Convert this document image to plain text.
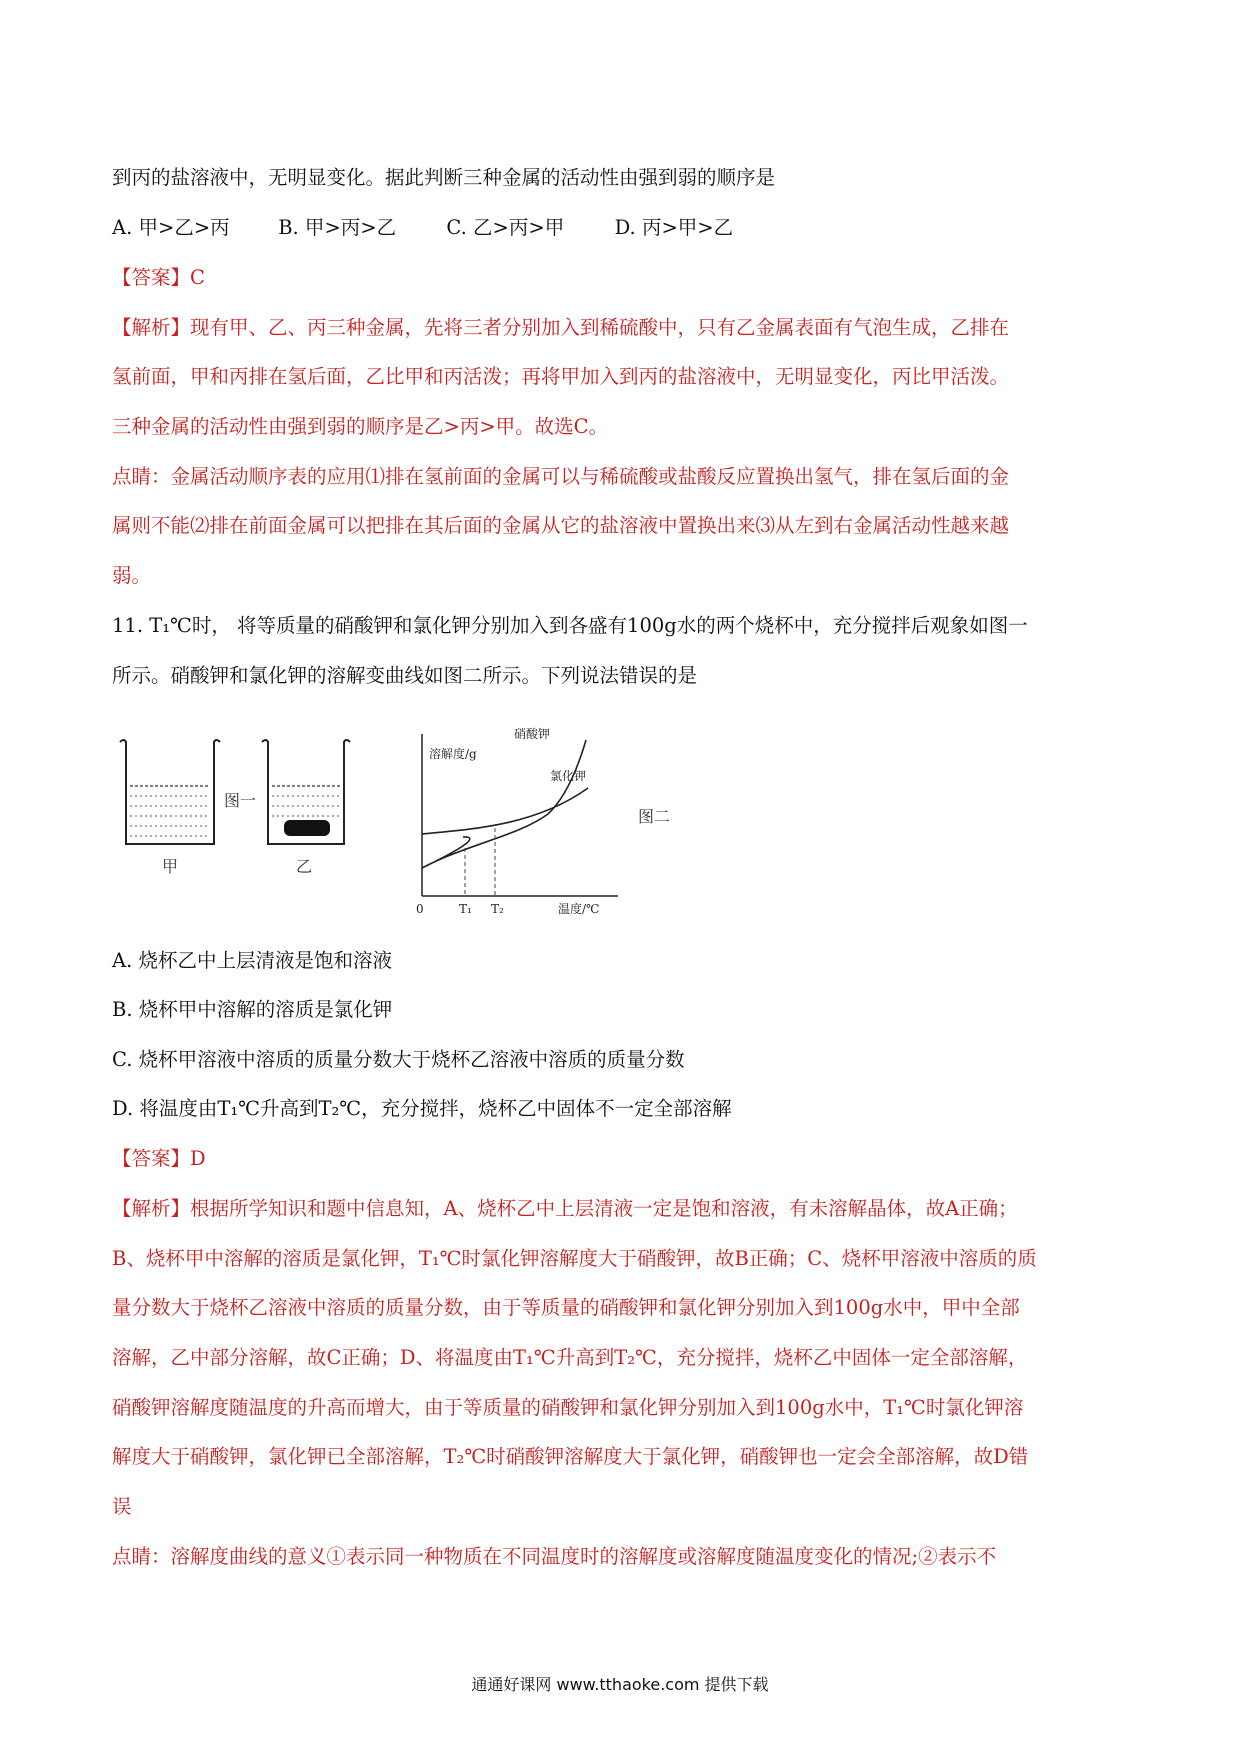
到丙的盐溶液中，无明显变化。据此判断三种金属的活动性由强到弱的顺序是
A. 甲>乙>丙 B. 甲>丙>乙	C. 乙>丙>甲	D. 丙>甲>乙
【答案】C
【解析】现有甲、乙、丙三种金属，先将三者分别加入到稀硫酸中，只有乙金属表面有气泡生成，乙排在
氢前面，甲和丙排在氢后面，乙比甲和丙活泼；再将甲加入到丙的盐溶液中，无明显变化，丙比甲活泼。
三种金属的活动性由强到弱的顺序是乙>丙>甲。故选C。
点睛：金属活动顺序表的应用⑴排在氢前面的金属可以与稀硫酸或盐酸反应置换出氢气，排在氢后面的金
属则不能⑵排在前面金属可以把排在其后面的金属从它的盐溶液中置换出来⑶从左到右金属活动性越来越
弱。
11. T₁℃时， 将等质量的硝酸钾和氯化钾分别加入到各盛有100g水的两个烧杯中，充分搅拌后观象如图一
所示。硝酸钾和氯化钾的溶解变曲线如图二所示。下列说法错误的是
甲
图一
乙
溶解度/g
温度/℃
0	T₁ T₂
硝酸钾
氯化钾
图二
A. 烧杯乙中上层清液是饱和溶液
B. 烧杯甲中溶解的溶质是氯化钾
C. 烧杯甲溶液中溶质的质量分数大于烧杯乙溶液中溶质的质量分数
D. 将温度由T₁℃升高到T₂℃，充分搅拌，烧杯乙中固体不一定全部溶解
【答案】D
【解析】根据所学知识和题中信息知，A、烧杯乙中上层清液一定是饱和溶液，有未溶解晶体，故A正确；
B、烧杯甲中溶解的溶质是氯化钾，T₁℃时氯化钾溶解度大于硝酸钾，故B正确；C、烧杯甲溶液中溶质的质
量分数大于烧杯乙溶液中溶质的质量分数，由于等质量的硝酸钾和氯化钾分别加入到100g水中，甲中全部
溶解，乙中部分溶解，故C正确；D、将温度由T₁℃升高到T₂℃，充分搅拌，烧杯乙中固体一定全部溶解，
硝酸钾溶解度随温度的升高而增大，由于等质量的硝酸钾和氯化钾分别加入到100g水中，T₁℃时氯化钾溶
解度大于硝酸钾，氯化钾已全部溶解，T₂℃时硝酸钾溶解度大于氯化钾，硝酸钾也一定会全部溶解，故D错
误
点睛：溶解度曲线的意义①表示同一种物质在不同温度时的溶解度或溶解度随温度变化的情况;②表示不
通通好课网 www.tthaoke.com 提供下载
